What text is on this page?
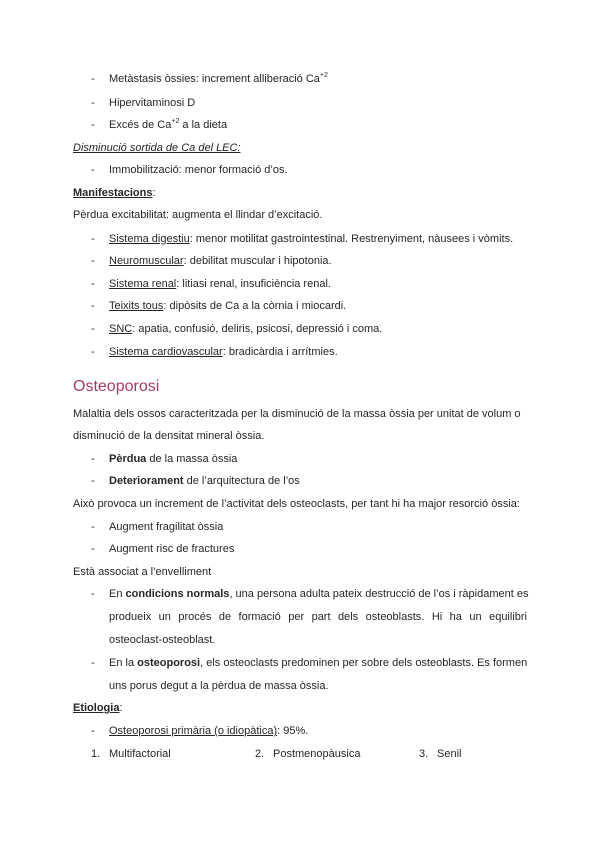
- Metàstasis òssies: increment alliberació $Ca^{+2}$
- Hipervitaminosi D
- Excés de $Ca^{+2}$ a la dieta
Disminució sortida de Ca del LEC:
- Immobilització: menor formació d’os.
Manifestacions:
Pèrdua excitabilitat: augmenta el llindar d’excitació.
- Sistema digestiu: menor motilitat gastrointestinal. Restrenyiment, nàusees i vòmits.
- Neuromuscular: debilitat muscular i hipotonia.
- Sistema renal: litiasi renal, insuficiència renal.
- Teixits tous: dipòsits de Ca a la còrnia i miocardi.
- SNC: apatia, confusió, deliris, psicosi, depressió i coma.
- Sistema cardiovascular: bradicàrdia i arrítmies.
Osteoporosi
Malaltia dels ossos caracteritzada per la disminució de la massa òssia per unitat de volum o
disminució de la densitat mineral òssia.
- Pèrdua de la massa òssia
- Deteriorament de l’arquitectura de l’os
Això provoca un increment de l’activitat dels osteoclasts, per tant hi ha major resorció òssia:
- Augment fragilitat òssia
- Augment risc de fractures
Està associat a l’envelliment
- En condicions normals, una persona adulta pateix destrucció de l’os i ràpidament es
produeix un procés de formació per part dels osteoblasts. Hi ha un equilibri
osteoclast-osteoblast.
- En la osteoporosi, els osteoclasts predominen per sobre dels osteoblasts. Es formen
uns porus degut a la pèrdua de massa òssia.
Etiologia:
- Osteoporosi primària (o idiopàtica): 95%.
1. Multifactorial	2. Postmenopàusica	3. Senil
